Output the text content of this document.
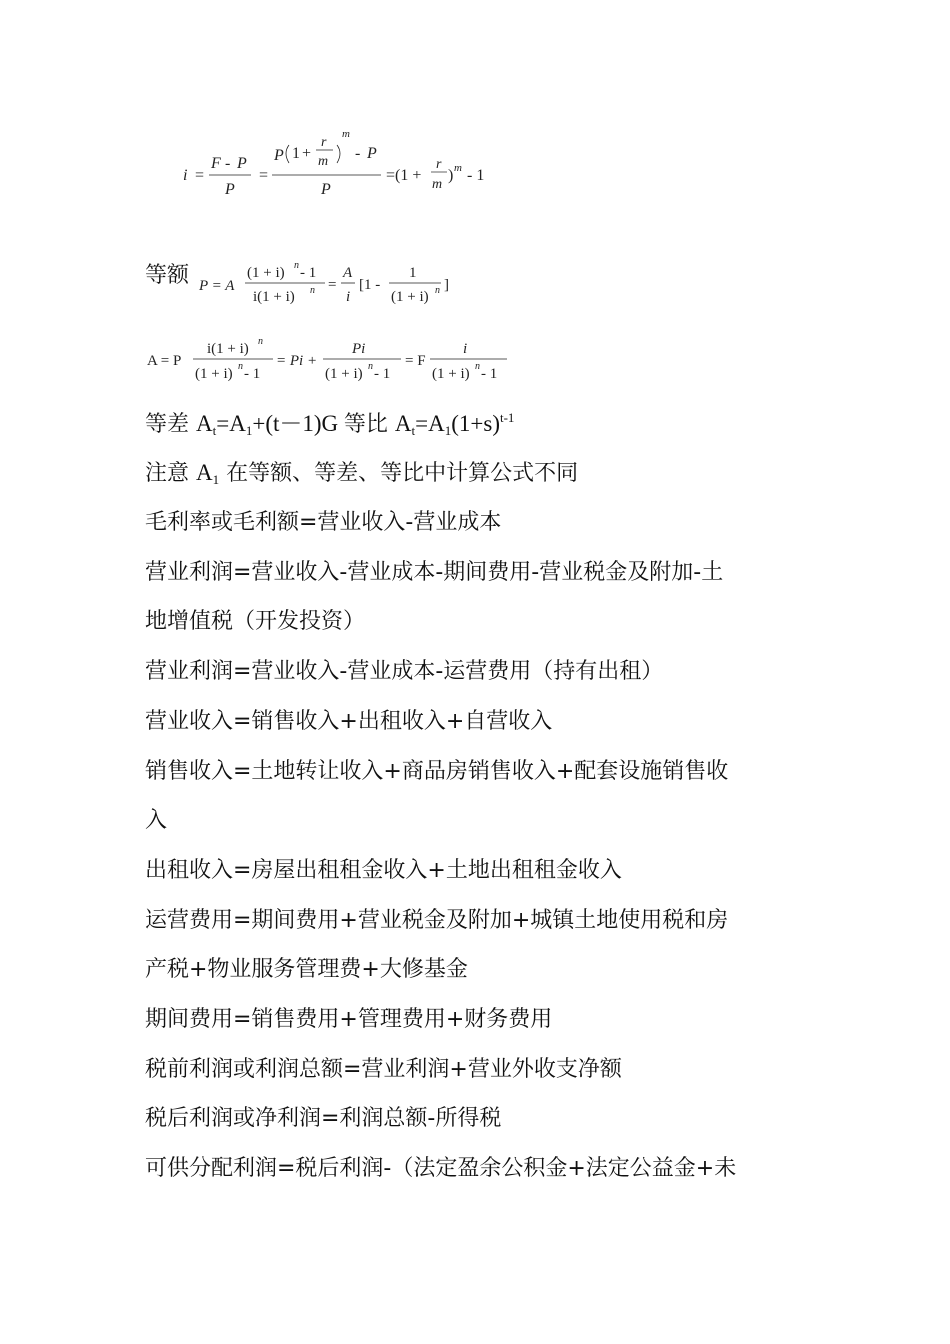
i =
F - P
P
=
P 1 +
r
m
m
- P
P
=(1 +
r
m
) m - 1
等额 P = A
(1 + i) n - 1
i(1 + i) n =
A
i
[1 -
1
(1 + i) n ]
A = P
i(1 + i) n
(1 + i) n - 1
= Pi +
Pi
(1 + i) n - 1
= F
i
(1 + i) n - 1
等差 $A_t=A_1+(t-1)G$ 等比 $A_t=A_1(1+s)^{t-1}$
注意 $A_1$ 在等额、等差、等比中计算公式不同
毛利率或毛利额=营业收入-营业成本
营业利润=营业收入-营业成本-期间费用-营业税金及附加-土
地增值税（开发投资）
营业利润=营业收入-营业成本-运营费用（持有出租）
营业收入=销售收入+出租收入+自营收入
销售收入=土地转让收入+商品房销售收入+配套设施销售收
入
出租收入=房屋出租租金收入+土地出租租金收入
运营费用=期间费用+营业税金及附加+城镇土地使用税和房
产税+物业服务管理费+大修基金
期间费用=销售费用+管理费用+财务费用
税前利润或利润总额=营业利润+营业外收支净额
税后利润或净利润=利润总额-所得税
可供分配利润=税后利润-（法定盈余公积金+法定公益金+未
